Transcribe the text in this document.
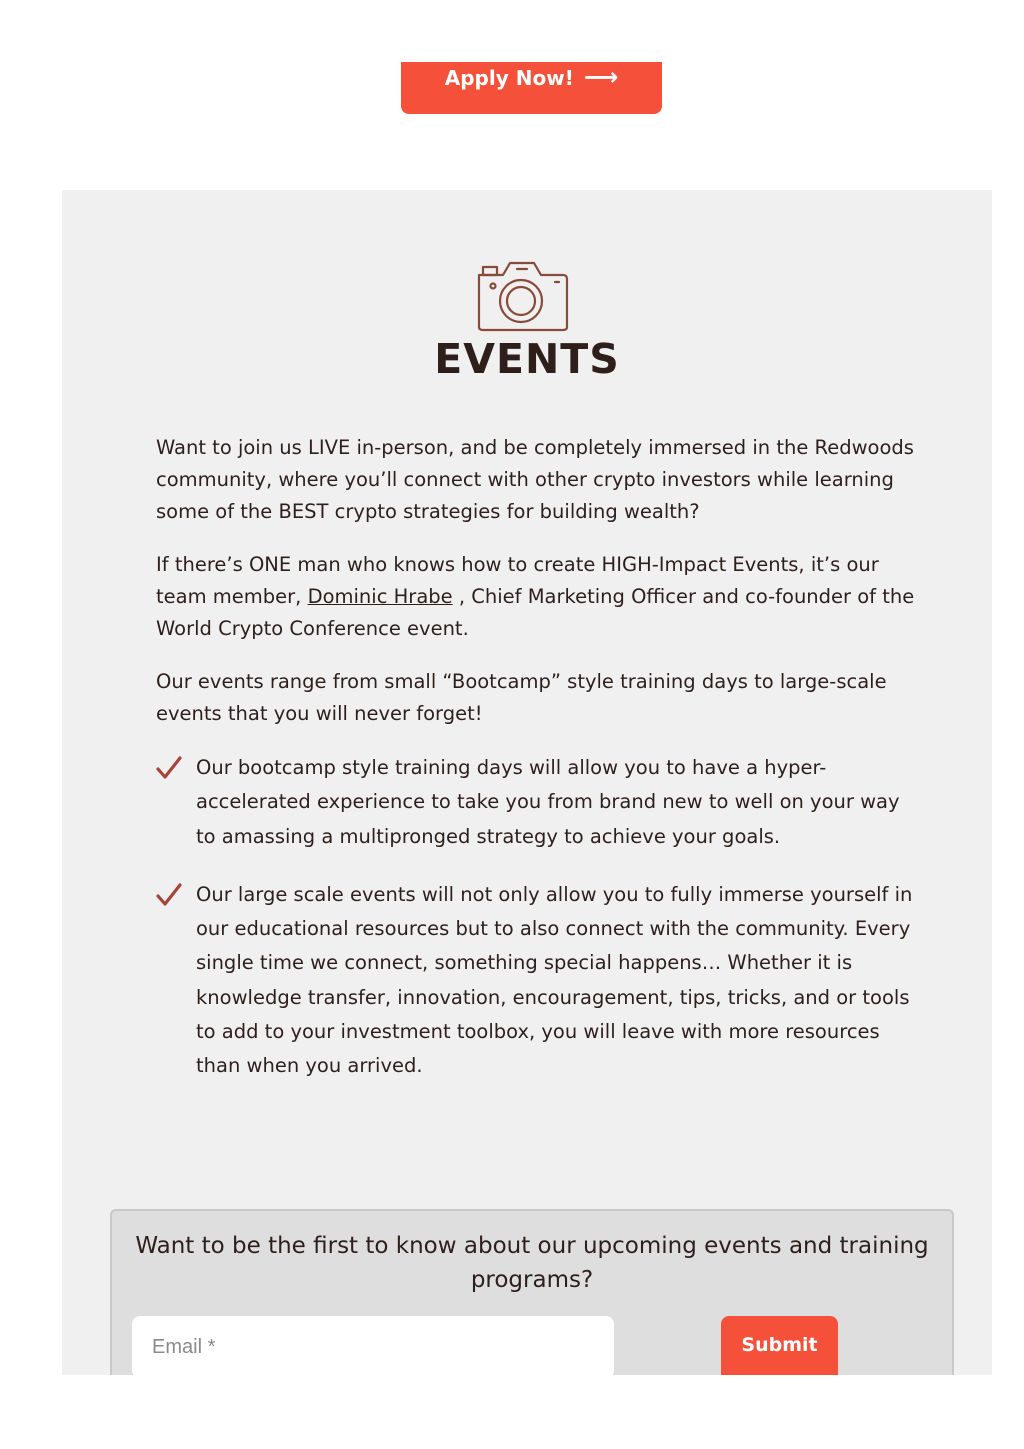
Apply Now! ⟶
EVENTS

Want to join us LIVE in-person, and be completely immersed in the Redwoods community, where you’ll connect with other crypto investors while learning some of the BEST crypto strategies for building wealth?

If there’s ONE man who knows how to create HIGH-Impact Events, it’s our team member, Dominic Hrabe , Chief Marketing Officer and co-founder of the World Crypto Conference event.

Our events range from small “Bootcamp” style training days to large-scale events that you will never forget!

Our bootcamp style training days will allow you to have a hyper-accelerated experience to take you from brand new to well on your way to amassing a multipronged strategy to achieve your goals.
Our large scale events will not only allow you to fully immerse yourself in our educational resources but to also connect with the community. Every single time we connect, something special happens… Whether it is knowledge transfer, innovation, encouragement, tips, tricks, and or tools to add to your investment toolbox, you will leave with more resources than when you arrived.
Want to be the first to know about our upcoming events and training programs?
Email *
Submit
